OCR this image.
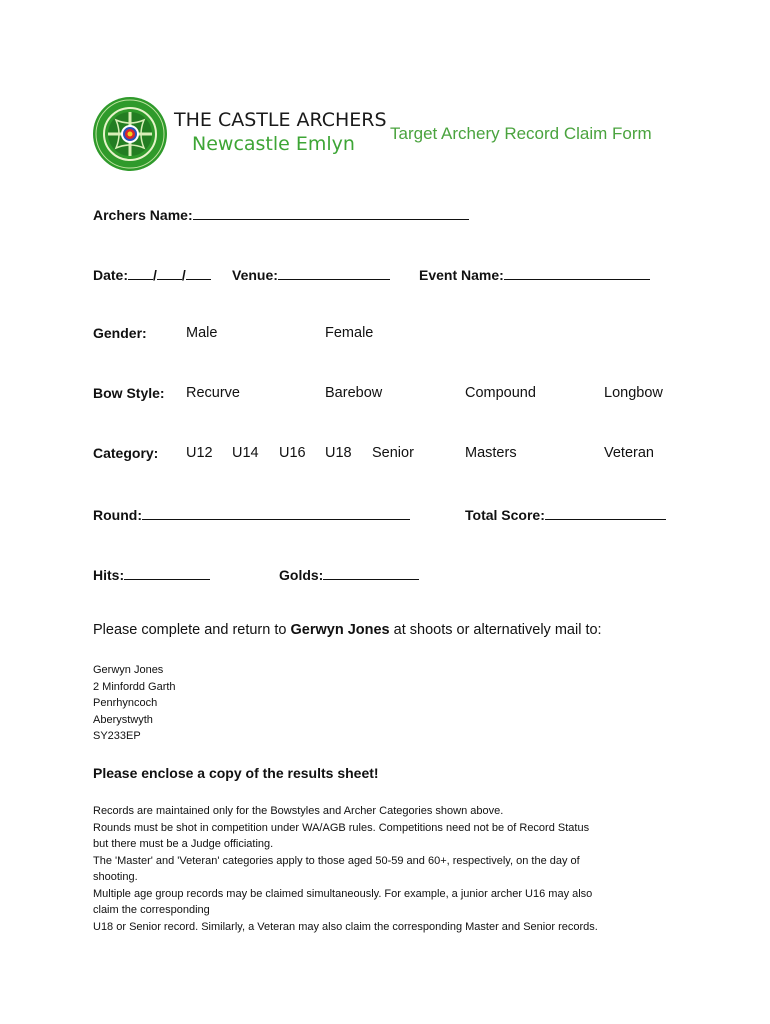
THE CASTLE ARCHERS
Newcastle Emlyn Target Archery Record Claim Form
Archers Name:
Date: / /	Venue:	Event Name:
Gender:	Male	Female
Bow Style: Recurve	Barebow	Compound	Longbow
Category: U12 U14 U16 U18 Senior	Masters	Veteran
Round:	Total Score:
Hits:	Golds:
Please complete and return to Gerwyn Jones at shoots or alternatively mail to:
Gerwyn Jones
2 Minfordd Garth
Penrhyncoch
Aberystwyth
SY233EP
Please enclose a copy of the results sheet!
Records are maintained only for the Bowstyles and Archer Categories shown above.
Rounds must be shot in competition under WA/AGB rules. Competitions need not be of Record Status
but there must be a Judge officiating.
The 'Master' and 'Veteran' categories apply to those aged 50-59 and 60+, respectively, on the day of
shooting.
Multiple age group records may be claimed simultaneously. For example, a junior archer U16 may also
claim the corresponding
U18 or Senior record. Similarly, a Veteran may also claim the corresponding Master and Senior records.
